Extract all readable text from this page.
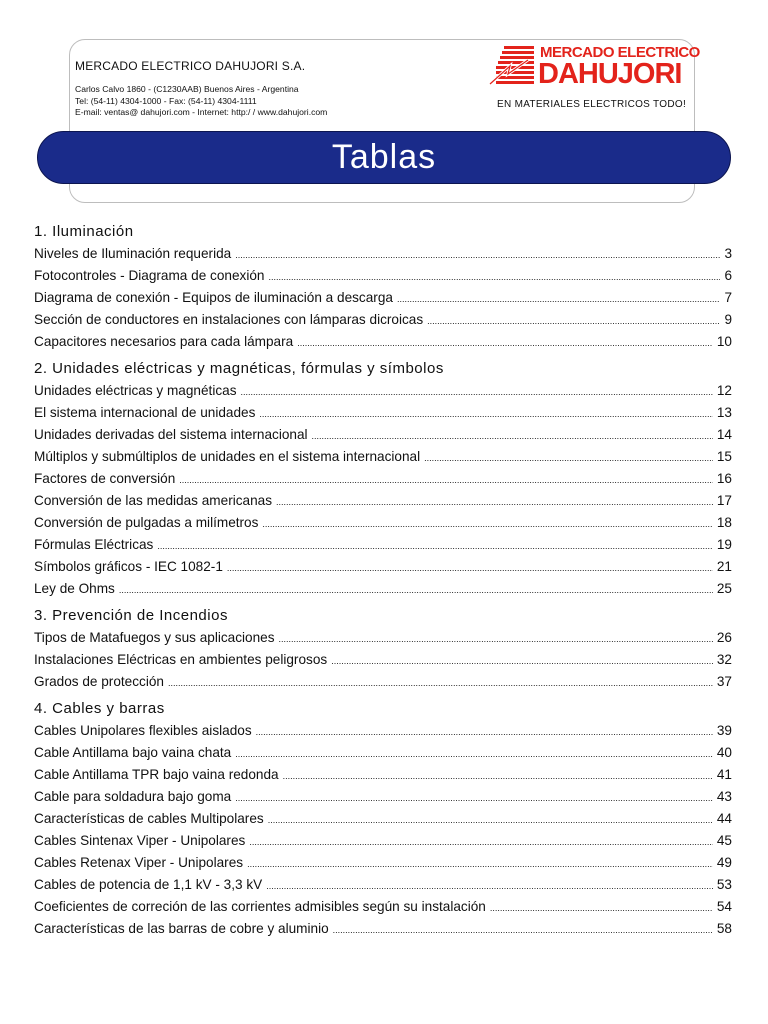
MERCADO ELECTRICO DAHUJORI S.A.
Carlos Calvo 1860 - (C1230AAB) Buenos Aires - Argentina
Tel: (54-11) 4304-1000 - Fax: (54-11) 4304-1111
E-mail: ventas@ dahujori.com - Internet: http:/ / www.dahujori.com
MERCADO ELECTRICO
DAHUJORI
EN MATERIALES ELECTRICOS TODO!
Tablas
1. Iluminación
Niveles de Iluminación requerida .....	3
Fotocontroles - Diagrama de conexión .....	6
Diagrama de conexión - Equipos de iluminación a descarga .....	7
Sección de conductores en instalaciones con lámparas dicroicas .....	9
Capacitores necesarios para cada lámpara .....	10
2. Unidades eléctricas y magnéticas, fórmulas y símbolos
Unidades eléctricas y magnéticas .....	12
El sistema internacional de unidades .....	13
Unidades derivadas del sistema internacional .....	14
Múltiplos y submúltiplos de unidades en el sistema internacional .....	15
Factores de conversión .....	16
Conversión de las medidas americanas .....	17
Conversión de pulgadas a milímetros .....	18
Fórmulas Eléctricas .....	19
Símbolos gráficos - IEC 1082-1 .....	21
Ley de Ohms .....	25
3. Prevención de Incendios
Tipos de Matafuegos y sus aplicaciones .....	26
Instalaciones Eléctricas en ambientes peligrosos .....	32
Grados de protección .....	37
4. Cables y barras
Cables Unipolares flexibles aislados .....	39
Cable Antillama bajo vaina chata .....	40
Cable Antillama TPR bajo vaina redonda .....	41
Cable para soldadura bajo goma .....	43
Características de cables Multipolares .....	44
Cables Sintenax Viper - Unipolares .....	45
Cables Retenax Viper - Unipolares .....	49
Cables de potencia de 1,1 kV - 3,3 kV .....	53
Coeficientes de correción de las corrientes admisibles según su instalación .....	54
Características de las barras de cobre y aluminio .....	58
